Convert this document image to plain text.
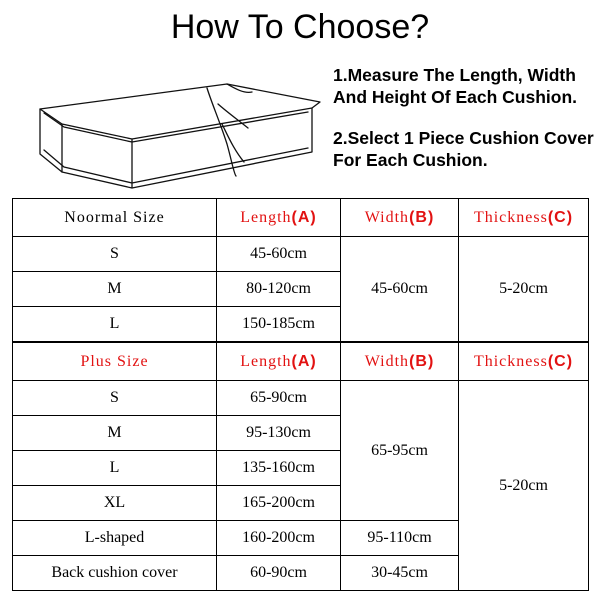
How To Choose?

1.Measure The Length, Width And Height Of Each Cushion.

2.Select 1 Piece Cushion Cover For Each Cushion.

Noormal Size	Length(A)	Width(B)	Thickness(C)
S	45-60cm	45-60cm	5-20cm
M	80-120cm		
L	150-185cm		
Plus Size	Length(A)	Width(B)	Thickness(C)
S	65-90cm	65-95cm	5-20cm
M	95-130cm		
L	135-160cm		
XL	165-200cm		
L-shaped	160-200cm	95-110cm	
Back cushion cover	60-90cm	30-45cm	
